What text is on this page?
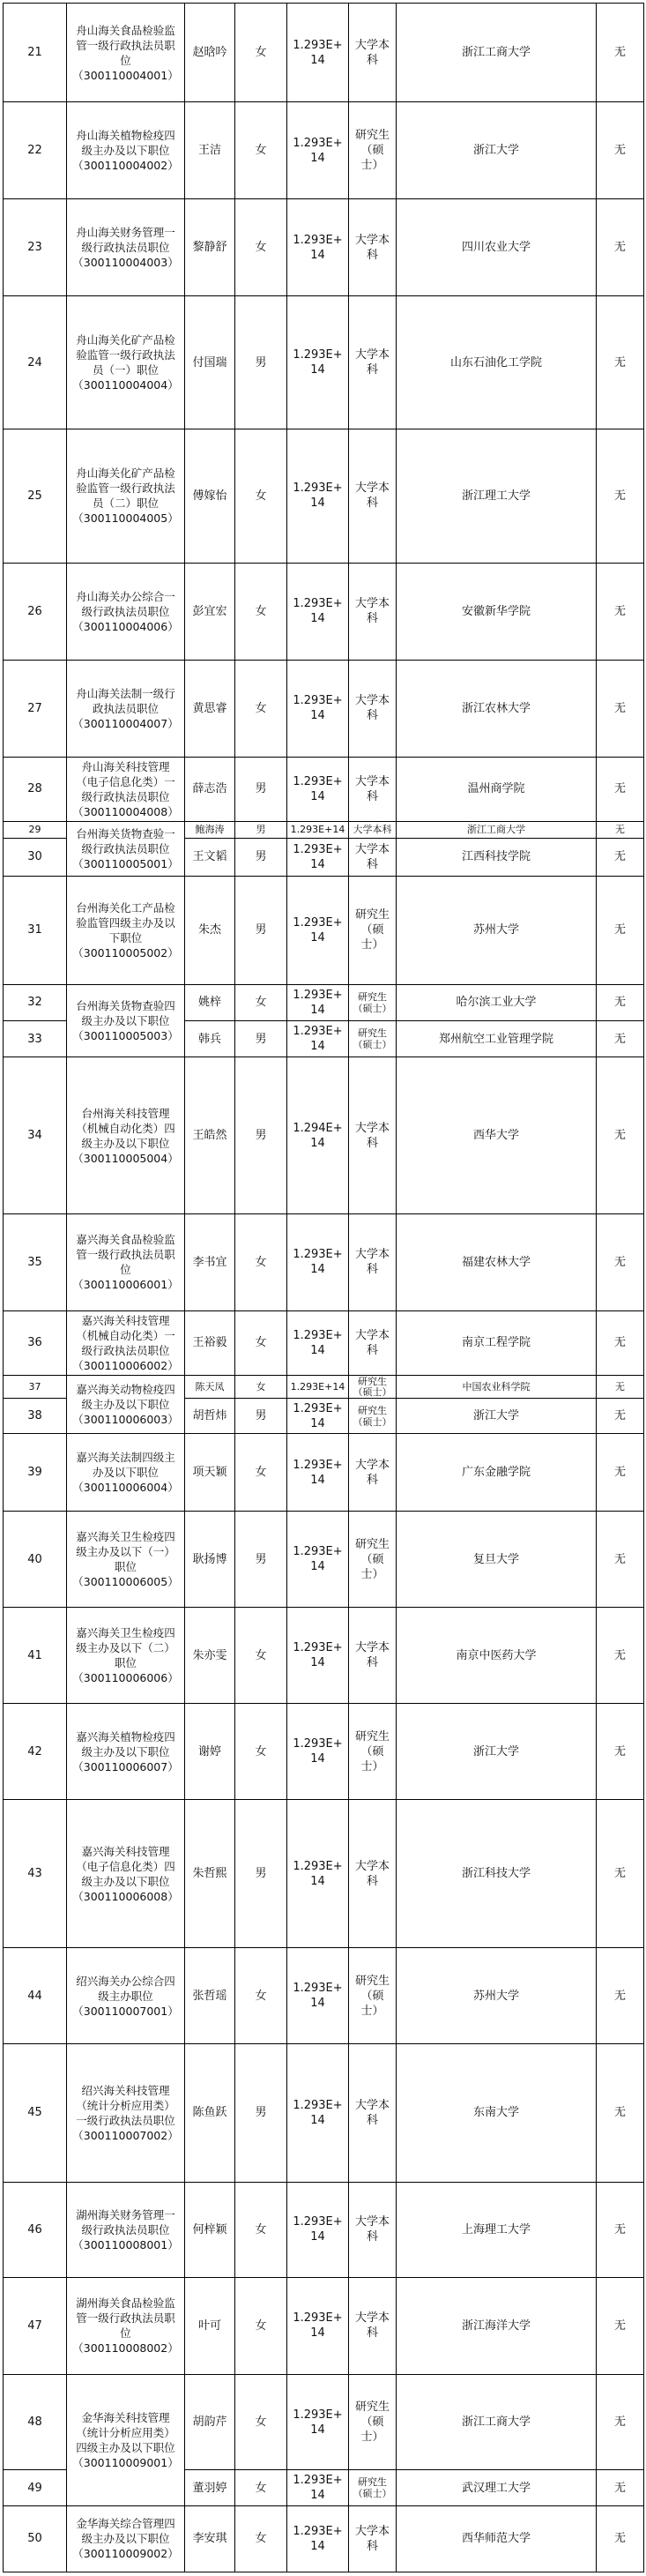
21	舟山海关食品检验监
管一级行政执法员职
位
（300110004001）	赵晗吟	女	1.293E+14	大学本科	浙江工商大学	无
22	舟山海关植物检疫四
级主办及以下职位
（300110004002）	王洁	女	1.293E+14	研究生
（硕士）	浙江大学	无
23	舟山海关财务管理一
级行政执法员职位
（300110004003）	黎静舒	女	1.293E+14	大学本科	四川农业大学	无
24	舟山海关化矿产品检
验监管一级行政执法
员（一）职位
（300110004004）	付国瑞	男	1.293E+14	大学本科	山东石油化工学院	无
25	舟山海关化矿产品检
验监管一级行政执法
员（二）职位
（300110004005）	傅嫁怡	女	1.293E+14	大学本科	浙江理工大学	无
26	舟山海关办公综合一
级行政执法员职位
（300110004006）	彭宜宏	女	1.293E+14	大学本科	安徽新华学院	无
27	舟山海关法制一级行
政执法员职位
（300110004007）	黄思睿	女	1.293E+14	大学本科	浙江农林大学	无
28	舟山海关科技管理
（电子信息化类）一
级行政执法员职位
（300110004008）	薛志浩	男	1.293E+14	大学本科	温州商学院	无
29	台州海关货物查验一
级行政执法员职位
（300110005001）	鲍海涛	男	1.293E+14	大学本科	浙江工商大学	无
30		王文韬	男	1.293E+14	大学本科	江西科技学院	无
31	台州海关化工产品检
验监管四级主办及以
下职位
（300110005002）	朱杰	男	1.293E+14	研究生
（硕士）	苏州大学	无
32	台州海关货物查验四
级主办及以下职位
（300110005003）	姚梓	女	1.293E+14	研究生
（硕士）	哈尔滨工业大学	无
33		韩兵	男	1.293E+14	研究生
（硕士）	郑州航空工业管理学院	无
34	台州海关科技管理
（机械自动化类）四
级主办及以下职位
（300110005004）	王皓然	男	1.294E+14	大学本科	西华大学	无
35	嘉兴海关食品检验监
管一级行政执法员职
位
（300110006001）	李书宜	女	1.293E+14	大学本科	福建农林大学	无
36	嘉兴海关科技管理
（机械自动化类）一
级行政执法员职位
（300110006002）	王裕毅	女	1.293E+14	大学本科	南京工程学院	无
37	嘉兴海关动物检疫四
级主办及以下职位
（300110006003）	陈天凤	女	1.293E+14	研究生（硕士）	中国农业科学院	无
38		胡哲炜	男	1.293E+14	研究生
（硕士）	浙江大学	无
39	嘉兴海关法制四级主
办及以下职位
（300110006004）	项天颖	女	1.293E+14	大学本科	广东金融学院	无
40	嘉兴海关卫生检疫四
级主办及以下（一）
职位
（300110006005）	耿扬博	男	1.293E+14	研究生
（硕士）	复旦大学	无
41	嘉兴海关卫生检疫四
级主办及以下（二）
职位
（300110006006）	朱亦雯	女	1.293E+14	大学本科	南京中医药大学	无
42	嘉兴海关植物检疫四
级主办及以下职位
（300110006007）	谢婷	女	1.293E+14	研究生
（硕士）	浙江大学	无
43	嘉兴海关科技管理
（电子信息化类）四
级主办及以下职位
（300110006008）	朱哲熙	男	1.293E+14	大学本科	浙江科技大学	无
44	绍兴海关办公综合四
级主办职位
（300110007001）	张哲瑶	女	1.293E+14	研究生
（硕士）	苏州大学	无
45	绍兴海关科技管理
（统计分析应用类）
一级行政执法员职位
（300110007002）	陈鱼跃	男	1.293E+14	大学本科	东南大学	无
46	湖州海关财务管理一
级行政执法员职位
（300110008001）	何梓颖	女	1.293E+14	大学本科	上海理工大学	无
47	湖州海关食品检验监
管一级行政执法员职
位
（300110008002）	叶可	女	1.293E+14	大学本科	浙江海洋大学	无
48	金华海关科技管理
（统计分析应用类）
四级主办及以下职位
（300110009001）	胡韵芹	女	1.293E+14	研究生
（硕士）	浙江工商大学	无
49		董羽婷	女	1.293E+14	研究生
（硕士）	武汉理工大学	无
50	金华海关综合管理四
级主办及以下职位
（300110009002）	李安琪	女	1.293E+14	大学本科	西华师范大学	无
